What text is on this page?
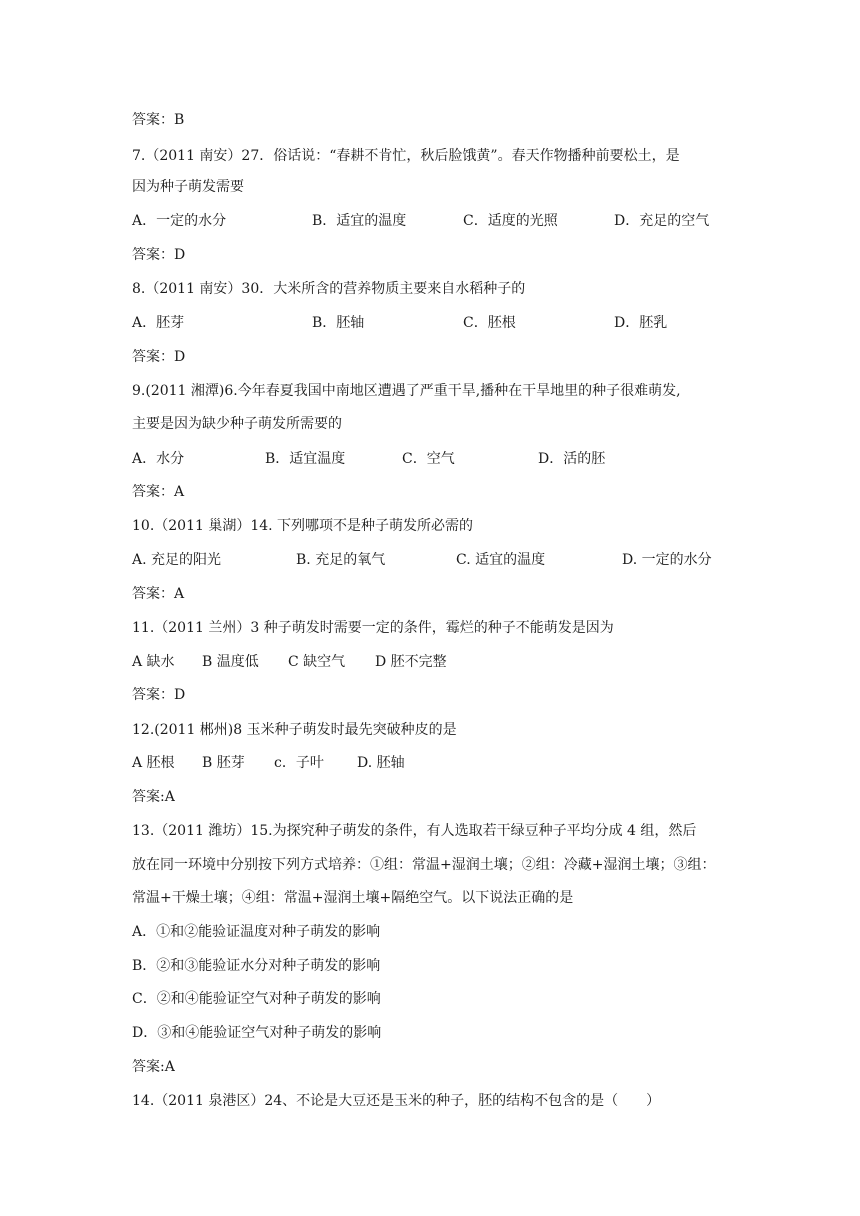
答案：B
7.（2011 南安）27．俗话说：“春耕不肯忙，秋后脸饿黄”。春天作物播种前要松土，是
因为种子萌发需要
A．一定的水分	B．适宜的温度	C．适度的光照	D．充足的空气
答案：D
8.（2011 南安）30．大米所含的营养物质主要来自水稻种子的
A．胚芽	B．胚轴	C．胚根	D．胚乳
答案：D
9.(2011 湘潭)6.今年春夏我国中南地区遭遇了严重干旱,播种在干旱地里的种子很难萌发,
主要是因为缺少种子萌发所需要的
A．水分	B．适宜温度	C．空气	D．活的胚
答案：A
10.（2011 巢湖）14. 下列哪项不是种子萌发所必需的
A. 充足的阳光	B. 充足的氧气	C. 适宜的温度	D. 一定的水分
答案：A
11.（2011 兰州）3 种子萌发时需要一定的条件，霉烂的种子不能萌发是因为
A 缺水 B 温度低 C 缺空气 D 胚不完整
答案：D
12.(2011 郴州)8 玉米种子萌发时最先突破种皮的是
A 胚根 B 胚芽 c．子叶 D. 胚轴
答案:A
13.（2011 潍坊）15.为探究种子萌发的条件，有人选取若干绿豆种子平均分成 4 组，然后
放在同一环境中分别按下列方式培养：①组：常温+湿润土壤；②组：冷藏+湿润土壤；③组：
常温+干燥土壤；④组：常温+湿润土壤+隔绝空气。以下说法正确的是
A．①和②能验证温度对种子萌发的影响
B．②和③能验证水分对种子萌发的影响
C．②和④能验证空气对种子萌发的影响
D．③和④能验证空气对种子萌发的影响
答案:A
14.（2011 泉港区）24、不论是大豆还是玉米的种子，胚的结构不包含的是（　　）
